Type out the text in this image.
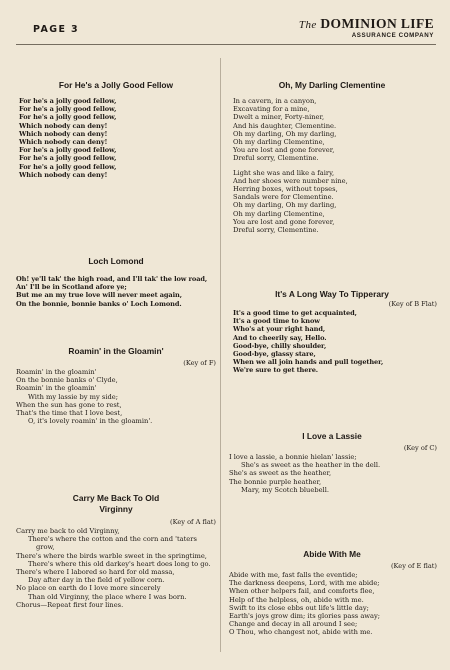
PAGE 3	The DOMINION LIFE
ASSURANCE COMPANY
For He's a Jolly Good Fellow
For he's a jolly good fellow,
For he's a jolly good fellow,
For he's a jolly good fellow,
Which nobody can deny!
Which nobody can deny!
Which nobody can deny!
For he's a jolly good fellow,
For he's a jolly good fellow,
For he's a jolly good fellow,
Which nobody can deny!
Loch Lomond
Oh! ye'll tak' the high road, and I'll tak' the low road,
An' I'll be in Scotland afore ye;
But me an my true love will never meet again,
On the bonnie, bonnie banks o' Loch Lomond.
Roamin' in the Gloamin'
(Key of F)
Roamin' in the gloamin'
On the bonnie banks o' Clyde,
Roamin' in the gloamin'
With my lassie by my side;
When the sun has gone to rest,
That's the time that I love best,
O, it's lovely roamin' in the gloamin'.
Carry Me Back To Old Virginny
(Key of A flat)
Carry me back to old Virginny,
There's where the cotton and the corn and 'taters grow,
There's where the birds warble sweet in the springtime,
There's where this old darkey's heart does long to go.
There's where I labored so hard for old massa,
Day after day in the field of yellow corn.
No place on earth do I love more sincerely
Than old Virginny, the place where I was born.
Chorus—Repeat first four lines.
Oh, My Darling Clementine
In a cavern, in a canyon,
Excavating for a mine,
Dwelt a miner, Forty-niner,
And his daughter, Clementine.
Oh my darling, Oh my darling,
Oh my darling Clementine,
You are lost and gone forever,
Dreful sorry, Clementine.
Light she was and like a fairy,
And her shoes were number nine,
Herring boxes, without topses,
Sandals were for Clementine.
Oh my darling, Oh my darling,
Oh my darling Clementine,
You are lost and gone forever,
Dreful sorry, Clementine.
It's A Long Way To Tipperary
(Key of B Flat)
It's a good time to get acquainted,
It's a good time to know
Who's at your right hand,
And to cheerily say, Hello.
Good-bye, chilly shoulder,
Good-bye, glassy stare,
When we all join hands and pull together,
We're sure to get there.
I Love a Lassie
(Key of C)
I love a lassie, a bonnie hielan' lassie;
She's as sweet as the heather in the dell.
She's as sweet as the heather,
The bonnie purple heather,
Mary, my Scotch bluebell.
Abide With Me
(Key of E flat)
Abide with me, fast falls the eventide;
The darkness deepens, Lord, with me abide;
When other helpers fail, and comforts flee,
Help of the helpless, oh, abide with me.
Swift to its close ebbs out life's little day;
Earth's joys grow dim; its glories pass away;
Change and decay in all around I see;
O Thou, who changest not, abide with me.
